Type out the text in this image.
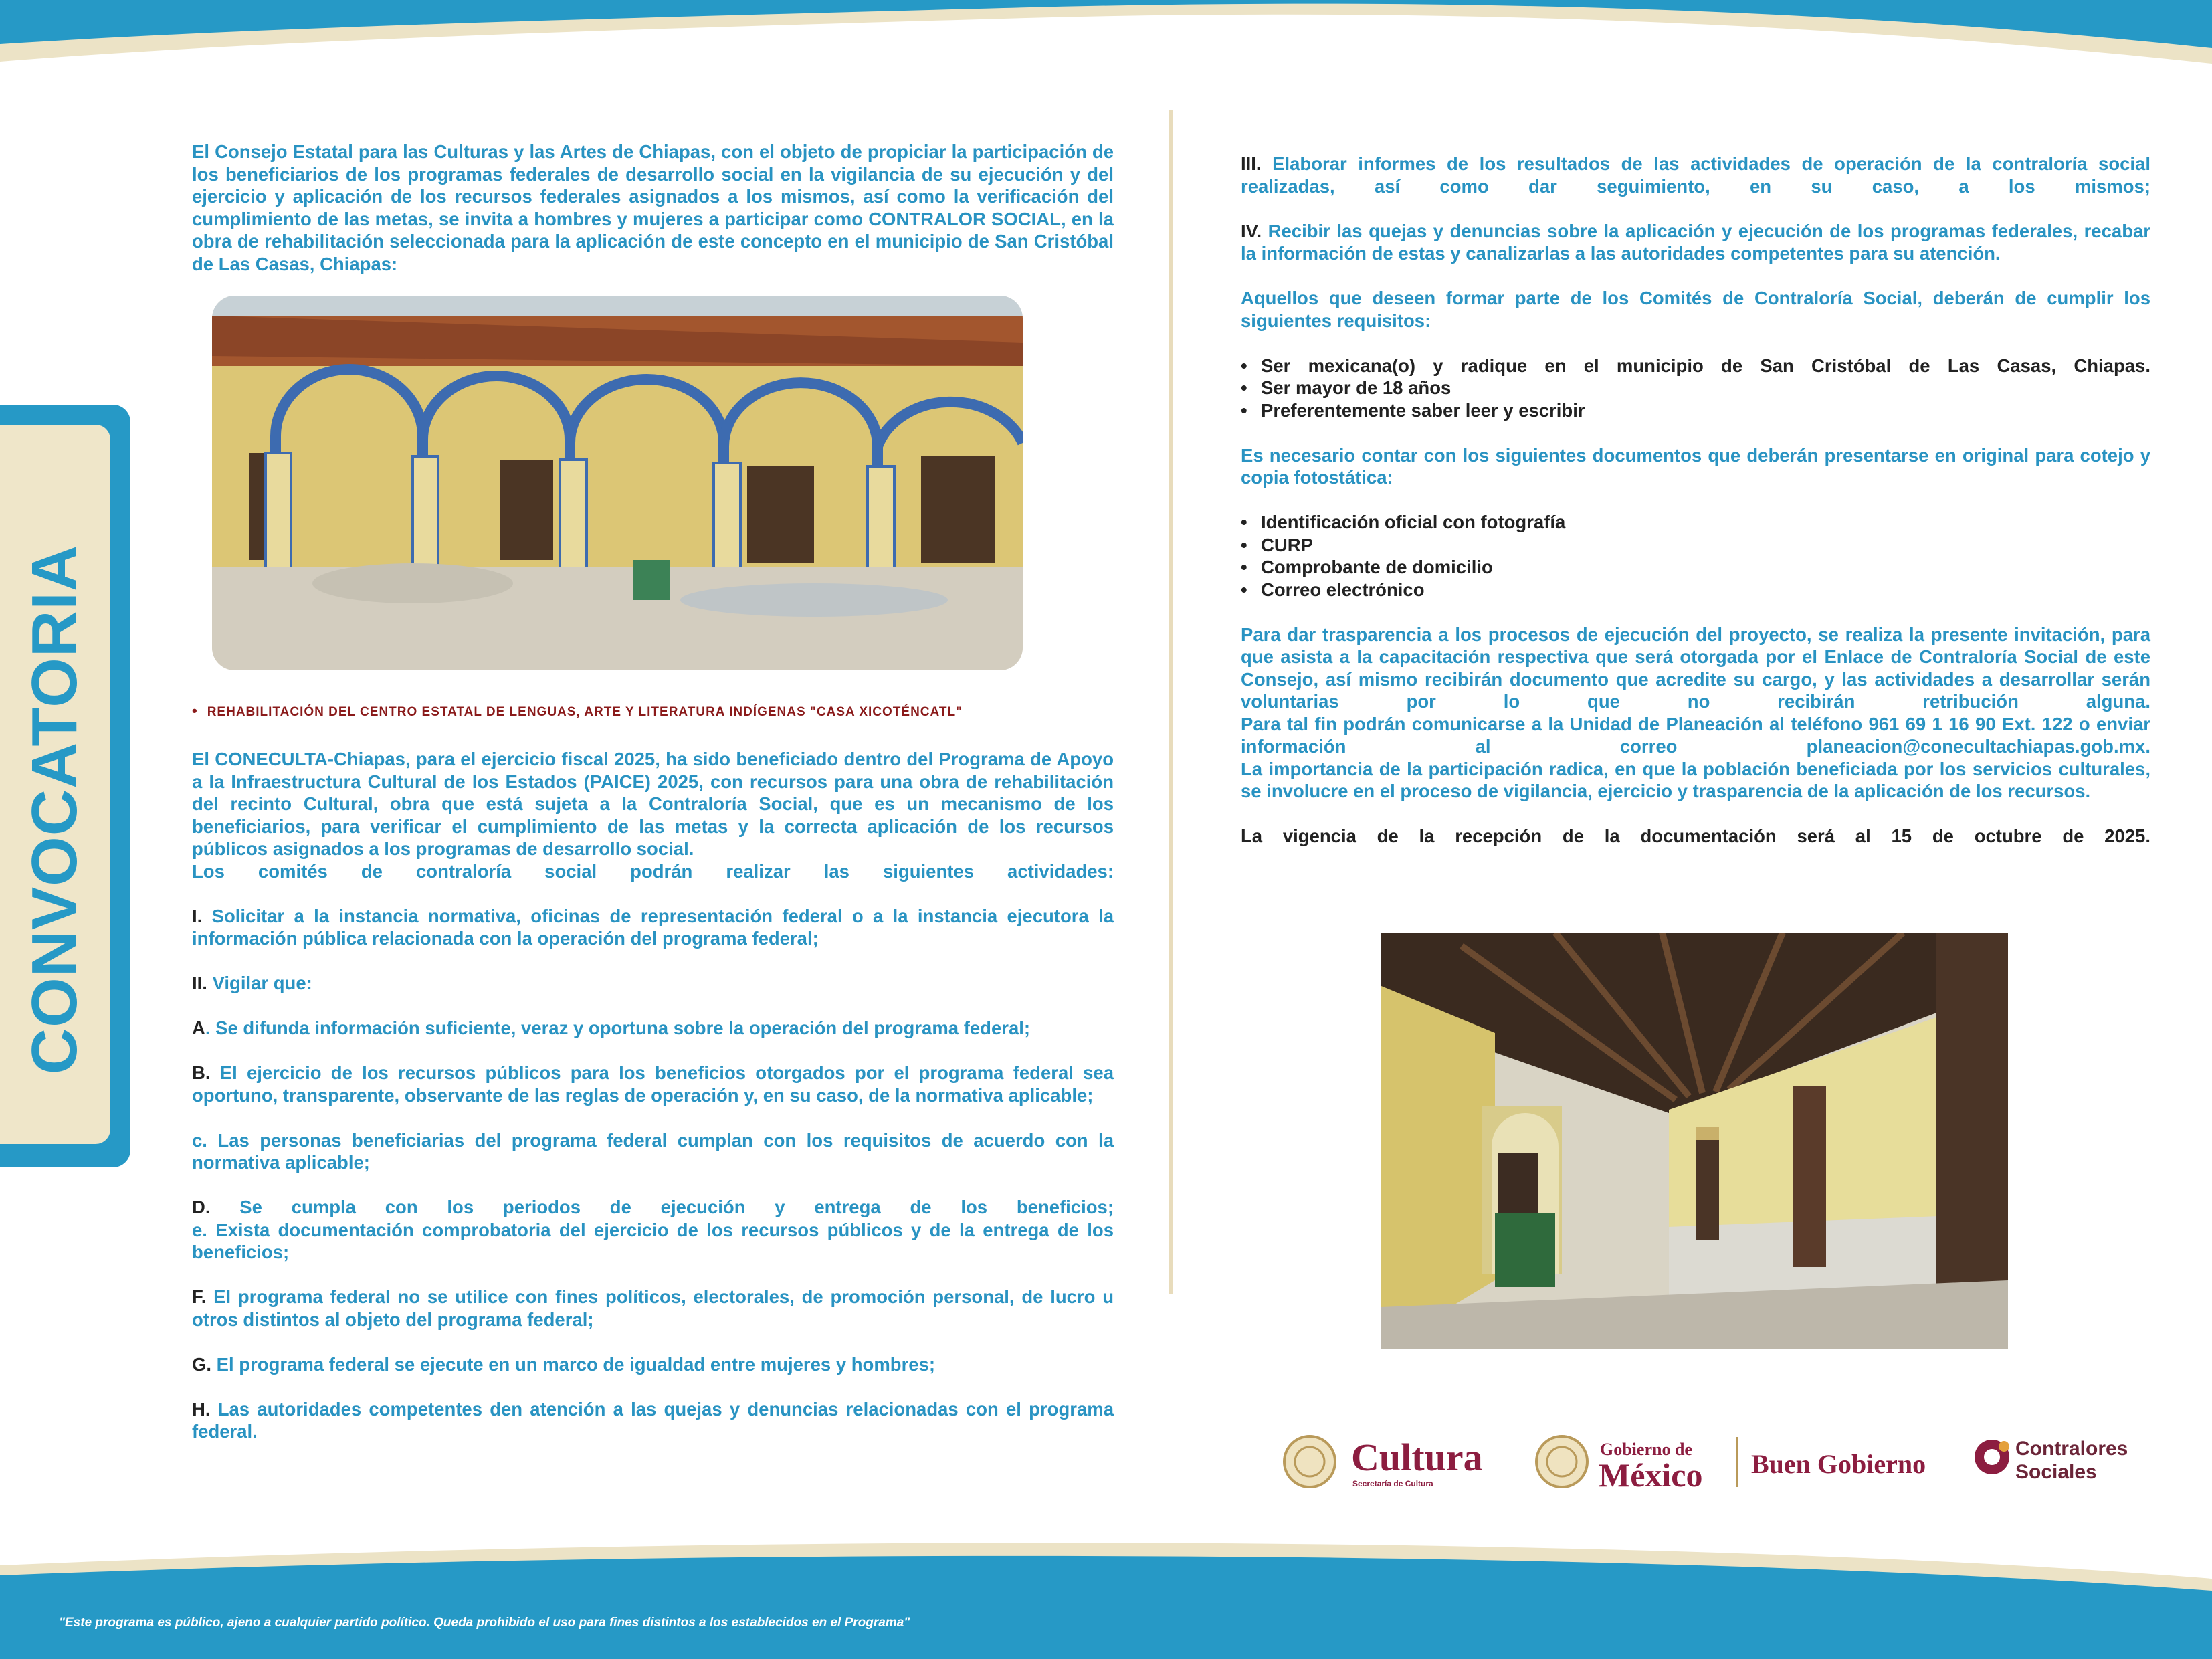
CONVOCATORIA

El Consejo Estatal para las Culturas y las Artes de Chiapas, con el objeto de propiciar la participación de los beneficiarios de los programas federales de desarrollo social en la vigilancia de su ejecución y del ejercicio y aplicación de los recursos federales asignados a los mismos, así como la verificación del cumplimiento de las metas, se invita a hombres y mujeres a participar como CONTRALOR SOCIAL, en la obra de rehabilitación seleccionada para la aplicación de este concepto en el municipio de San Cristóbal de Las Casas, Chiapas:

• REHABILITACIÓN DEL CENTRO ESTATAL DE LENGUAS, ARTE Y LITERATURA INDÍGENAS "CASA XICOTÉNCATL"

El CONECULTA-Chiapas, para el ejercicio fiscal 2025, ha sido beneficiado dentro del Programa de Apoyo a la Infraestructura Cultural de los Estados (PAICE) 2025, con recursos para una obra de rehabilitación del recinto Cultural, obra que está sujeta a la Contraloría Social, que es un mecanismo de los beneficiarios, para verificar el cumplimiento de las metas y la correcta aplicación de los recursos públicos asignados a los programas de desarrollo social.

Los comités de contraloría social podrán realizar las siguientes actividades:

I. Solicitar a la instancia normativa, oficinas de representación federal o a la instancia ejecutora la información pública relacionada con la operación del programa federal;

II. Vigilar que:

A. Se difunda información suficiente, veraz y oportuna sobre la operación del programa federal;

B. El ejercicio de los recursos públicos para los beneficios otorgados por el programa federal sea oportuno, transparente, observante de las reglas de operación y, en su caso, de la normativa aplicable;

c. Las personas beneficiarias del programa federal cumplan con los requisitos de acuerdo con la normativa aplicable;

D. Se cumpla con los periodos de ejecución y entrega de los beneficios;

e. Exista documentación comprobatoria del ejercicio de los recursos públicos y de la entrega de los beneficios;

F. El programa federal no se utilice con fines políticos, electorales, de promoción personal, de lucro u otros distintos al objeto del programa federal;

G. El programa federal se ejecute en un marco de igualdad entre mujeres y hombres;

H. Las autoridades competentes den atención a las quejas y denuncias relacionadas con el programa federal.

III. Elaborar informes de los resultados de las actividades de operación de la contraloría social realizadas, así como dar seguimiento, en su caso, a los mismos;

IV. Recibir las quejas y denuncias sobre la aplicación y ejecución de los programas federales, recabar la información de estas y canalizarlas a las autoridades competentes para su atención.

Aquellos que deseen formar parte de los Comités de Contraloría Social, deberán de cumplir los siguientes requisitos:

• Ser mexicana(o) y radique en el municipio de San Cristóbal de Las Casas, Chiapas.
• Ser mayor de 18 años
• Preferentemente saber leer y escribir

Es necesario contar con los siguientes documentos que deberán presentarse en original para cotejo y copia fotostática:

• Identificación oficial con fotografía
• CURP
• Comprobante de domicilio
• Correo electrónico

Para dar trasparencia a los procesos de ejecución del proyecto, se realiza la presente invitación, para que asista a la capacitación respectiva que será otorgada por el Enlace de Contraloría Social de este Consejo, así mismo recibirán documento que acredite su cargo, y las actividades a desarrollar serán voluntarias por lo que no recibirán retribución alguna.

Para tal fin podrán comunicarse a la Unidad de Planeación al teléfono 961 69 1 16 90 Ext. 122 o enviar información al correo planeacion@conecultachiapas.gob.mx.

La importancia de la participación radica, en que la población beneficiada por los servicios culturales, se involucre en el proceso de vigilancia, ejercicio y trasparencia de la aplicación de los recursos.

La vigencia de la recepción de la documentación será al 15 de octubre de 2025.

Cultura
Secretaría de Cultura
Gobierno de
México Buen Gobierno
Contralores
Sociales
"Este programa es público, ajeno a cualquier partido político. Queda prohibido el uso para fines distintos a los establecidos en el Programa"
